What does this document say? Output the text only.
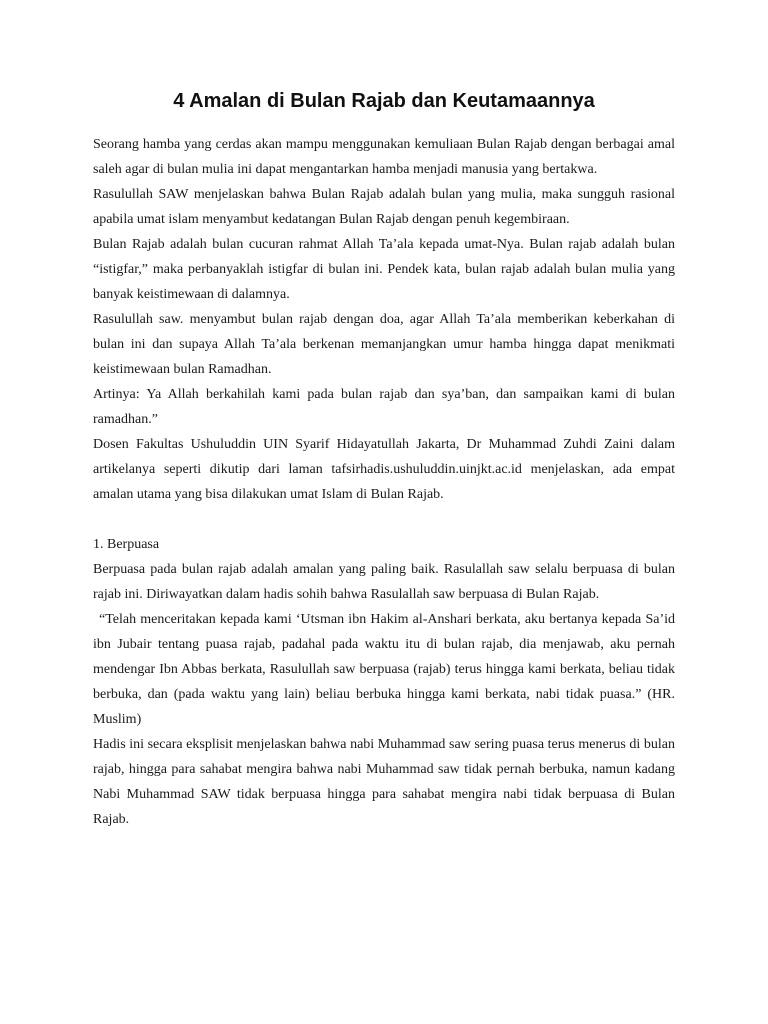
4 Amalan di Bulan Rajab dan Keutamaannya

Seorang hamba yang cerdas akan mampu menggunakan kemuliaan Bulan Rajab dengan berbagai amal saleh agar di bulan mulia ini dapat mengantarkan hamba menjadi manusia yang bertakwa.

Rasulullah SAW menjelaskan bahwa Bulan Rajab adalah bulan yang mulia, maka sungguh rasional apabila umat islam menyambut kedatangan Bulan Rajab dengan penuh kegembiraan.

Bulan Rajab adalah bulan cucuran rahmat Allah Ta’ala kepada umat-Nya. Bulan rajab adalah bulan “istigfar,” maka perbanyaklah istigfar di bulan ini. Pendek kata, bulan rajab adalah bulan mulia yang banyak keistimewaan di dalamnya.

Rasulullah saw. menyambut bulan rajab dengan doa, agar Allah Ta’ala memberikan keberkahan di bulan ini dan supaya Allah Ta’ala berkenan memanjangkan umur hamba hingga dapat menikmati keistimewaan bulan Ramadhan.

Artinya: Ya Allah berkahilah kami pada bulan rajab dan sya’ban, dan sampaikan kami di bulan ramadhan.”

Dosen Fakultas Ushuluddin UIN Syarif Hidayatullah Jakarta, Dr Muhammad Zuhdi Zaini dalam artikelanya seperti dikutip dari laman tafsirhadis.ushuluddin.uinjkt.ac.id menjelaskan, ada empat amalan utama yang bisa dilakukan umat Islam di Bulan Rajab.

1. Berpuasa

Berpuasa pada bulan rajab adalah amalan yang paling baik. Rasulallah saw selalu berpuasa di bulan rajab ini. Diriwayatkan dalam hadis sohih bahwa Rasulallah saw berpuasa di Bulan Rajab.

“Telah menceritakan kepada kami ‘Utsman ibn Hakim al-Anshari berkata, aku bertanya kepada Sa’id ibn Jubair tentang puasa rajab, padahal pada waktu itu di bulan rajab, dia menjawab, aku pernah mendengar Ibn Abbas berkata, Rasulullah saw berpuasa (rajab) terus hingga kami berkata, beliau tidak berbuka, dan (pada waktu yang lain) beliau berbuka hingga kami berkata, nabi tidak puasa.” (HR. Muslim)

Hadis ini secara eksplisit menjelaskan bahwa nabi Muhammad saw sering puasa terus menerus di bulan rajab, hingga para sahabat mengira bahwa nabi Muhammad saw tidak pernah berbuka, namun kadang Nabi Muhammad SAW tidak berpuasa hingga para sahabat mengira nabi tidak berpuasa di Bulan Rajab.
